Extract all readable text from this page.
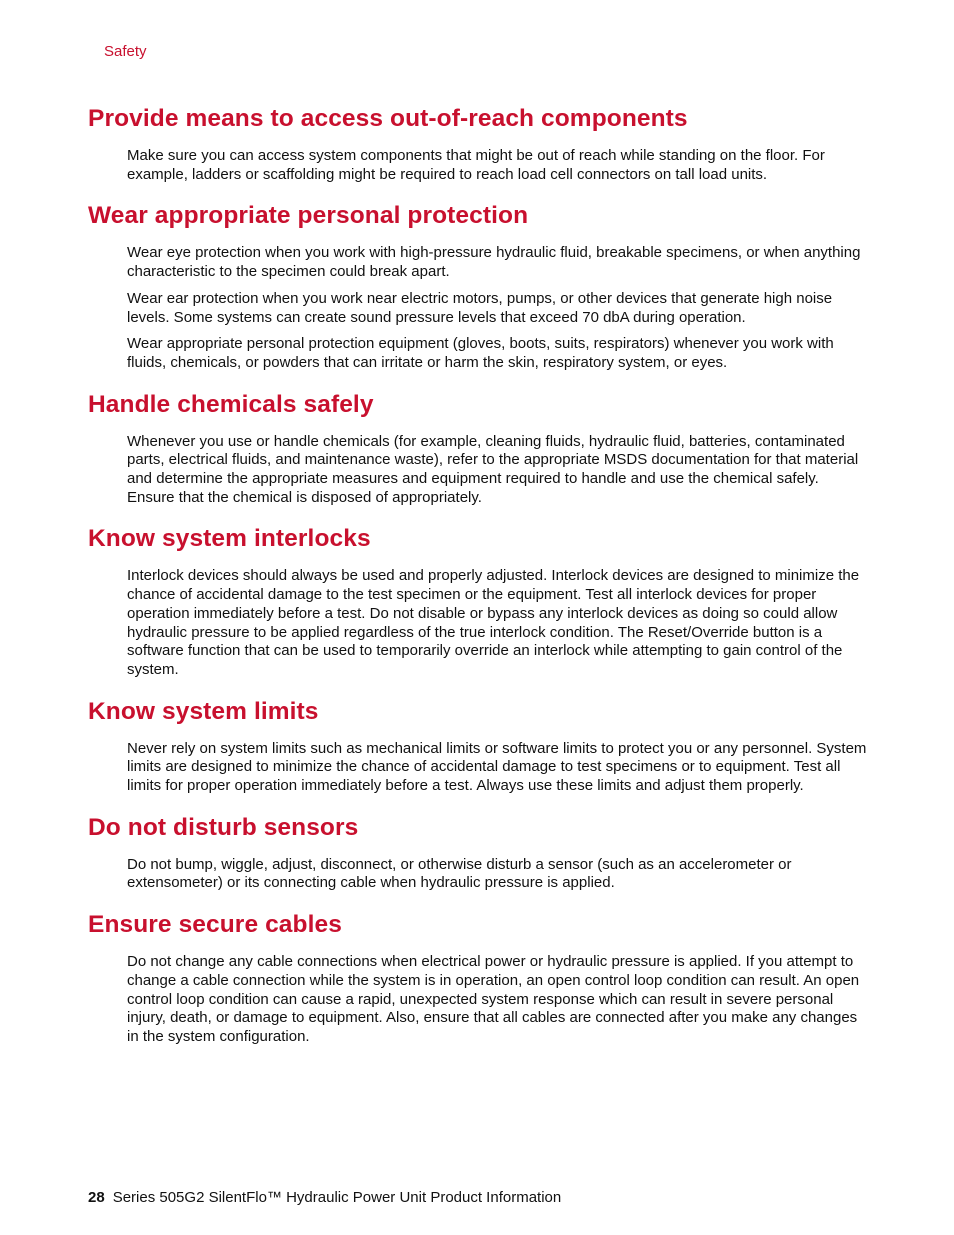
Safety
Provide means to access out-of-reach components

Make sure you can access system components that might be out of reach while standing on the floor. For example, ladders or scaffolding might be required to reach load cell connectors on tall load units.

Wear appropriate personal protection

Wear eye protection when you work with high-pressure hydraulic fluid, breakable specimens, or when anything characteristic to the specimen could break apart.

Wear ear protection when you work near electric motors, pumps, or other devices that generate high noise levels. Some systems can create sound pressure levels that exceed 70 dbA during operation.

Wear appropriate personal protection equipment (gloves, boots, suits, respirators) whenever you work with fluids, chemicals, or powders that can irritate or harm the skin, respiratory system, or eyes.

Handle chemicals safely

Whenever you use or handle chemicals (for example, cleaning fluids, hydraulic fluid, batteries, contaminated parts, electrical fluids, and maintenance waste), refer to the appropriate MSDS documentation for that material and determine the appropriate measures and equipment required to handle and use the chemical safely. Ensure that the chemical is disposed of appropriately.

Know system interlocks

Interlock devices should always be used and properly adjusted. Interlock devices are designed to minimize the chance of accidental damage to the test specimen or the equipment. Test all interlock devices for proper operation immediately before a test. Do not disable or bypass any interlock devices as doing so could allow hydraulic pressure to be applied regardless of the true interlock condition. The Reset/Override button is a software function that can be used to temporarily override an interlock while attempting to gain control of the system.

Know system limits

Never rely on system limits such as mechanical limits or software limits to protect you or any personnel. System limits are designed to minimize the chance of accidental damage to test specimens or to equipment. Test all limits for proper operation immediately before a test. Always use these limits and adjust them properly.

Do not disturb sensors

Do not bump, wiggle, adjust, disconnect, or otherwise disturb a sensor (such as an accelerometer or extensometer) or its connecting cable when hydraulic pressure is applied.

Ensure secure cables

Do not change any cable connections when electrical power or hydraulic pressure is applied. If you attempt to change a cable connection while the system is in operation, an open control loop condition can result. An open control loop condition can cause a rapid, unexpected system response which can result in severe personal injury, death, or damage to equipment. Also, ensure that all cables are connected after you make any changes in the system configuration.

28 Series 505G2 SilentFlo™ Hydraulic Power Unit Product Information
